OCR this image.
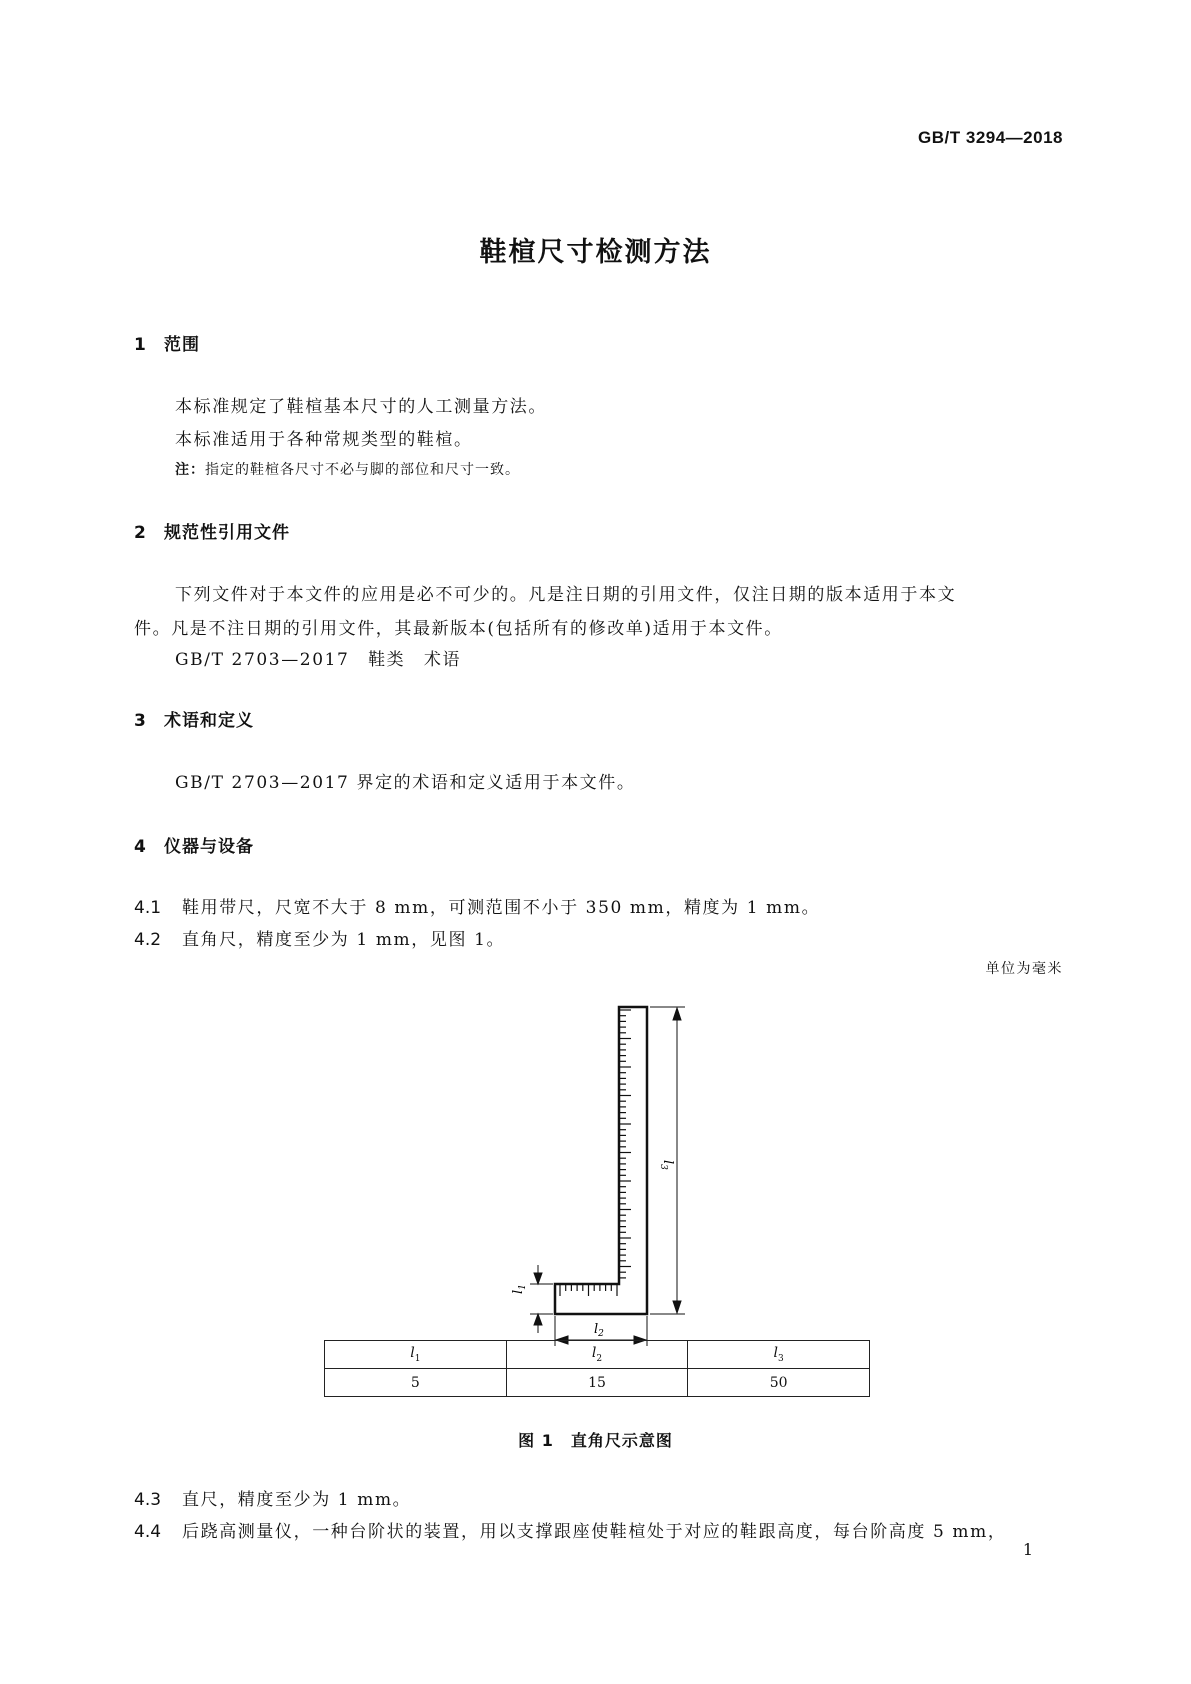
GB/T 3294—2018
鞋楦尺寸检测方法
1 范围
本标准规定了鞋楦基本尺寸的人工测量方法。
本标准适用于各种常规类型的鞋楦。
注：指定的鞋楦各尺寸不必与脚的部位和尺寸一致。
2 规范性引用文件
下列文件对于本文件的应用是必不可少的。凡是注日期的引用文件，仅注日期的版本适用于本文
件。凡是不注日期的引用文件，其最新版本(包括所有的修改单)适用于本文件。
GB/T 2703—2017　鞋类　术语
3 术语和定义
GB/T 2703—2017 界定的术语和定义适用于本文件。
4 仪器与设备
4.1 鞋用带尺，尺宽不大于 8 mm，可测范围不小于 350 mm，精度为 1 mm。
4.2 直角尺，精度至少为 1 mm，见图 1。
单位为毫米
$l_3$
$l_1$
$l_2$
$l_1$	$l_2$	$l_3$
5	15	50
图 1　直角尺示意图
4.3 直尺，精度至少为 1 mm。
4.4 后跷高测量仪，一种台阶状的装置，用以支撑跟座使鞋楦处于对应的鞋跟高度，每台阶高度 5 mm，
1
